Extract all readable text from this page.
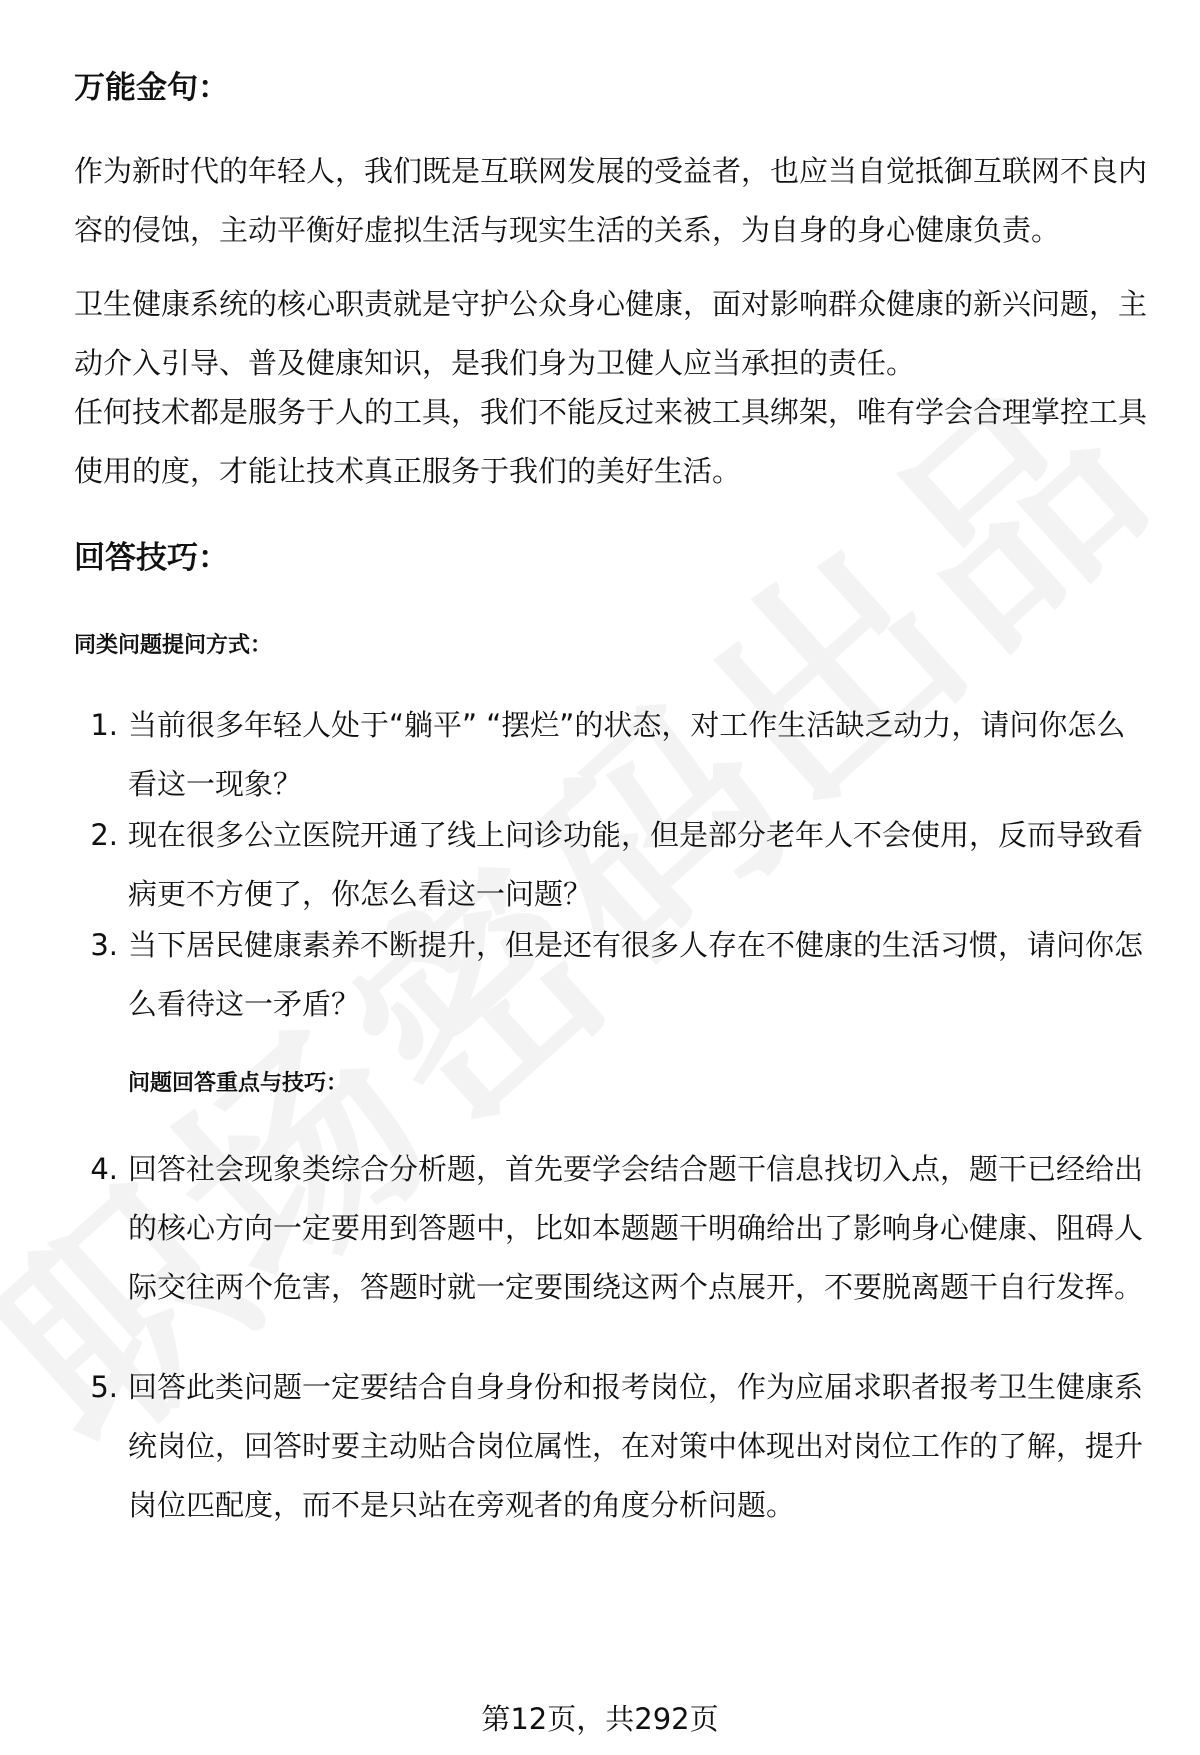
万能金句：

作为新时代的年轻人，我们既是互联网发展的受益者，也应当自觉抵御互联网不良内容的侵蚀，主动平衡好虚拟生活与现实生活的关系，为自身的身心健康负责。

卫生健康系统的核心职责就是守护公众身心健康，面对影响群众健康的新兴问题，主动介入引导、普及健康知识，是我们身为卫健人应当承担的责任。

任何技术都是服务于人的工具，我们不能反过来被工具绑架，唯有学会合理掌控工具使用的度，才能让技术真正服务于我们的美好生活。

回答技巧：
同类问题提问方式：
1. 当前很多年轻人处于“躺平” “摆烂”的状态，对工作生活缺乏动力，请问你怎么看这一现象？
2. 现在很多公立医院开通了线上问诊功能，但是部分老年人不会使用，反而导致看病更不方便了，你怎么看这一问题？
3. 当下居民健康素养不断提升，但是还有很多人存在不健康的生活习惯，请问你怎么看待这一矛盾？
问题回答重点与技巧：
4. 回答社会现象类综合分析题，首先要学会结合题干信息找切入点，题干已经给出的核心方向一定要用到答题中，比如本题题干明确给出了影响身心健康、阻碍人际交往两个危害，答题时就一定要围绕这两个点展开，不要脱离题干自行发挥。
5. 回答此类问题一定要结合自身身份和报考岗位，作为应届求职者报考卫生健康系统岗位，回答时要主动贴合岗位属性，在对策中体现出对岗位工作的了解，提升岗位匹配度，而不是只站在旁观者的角度分析问题。
第12页，共292页
